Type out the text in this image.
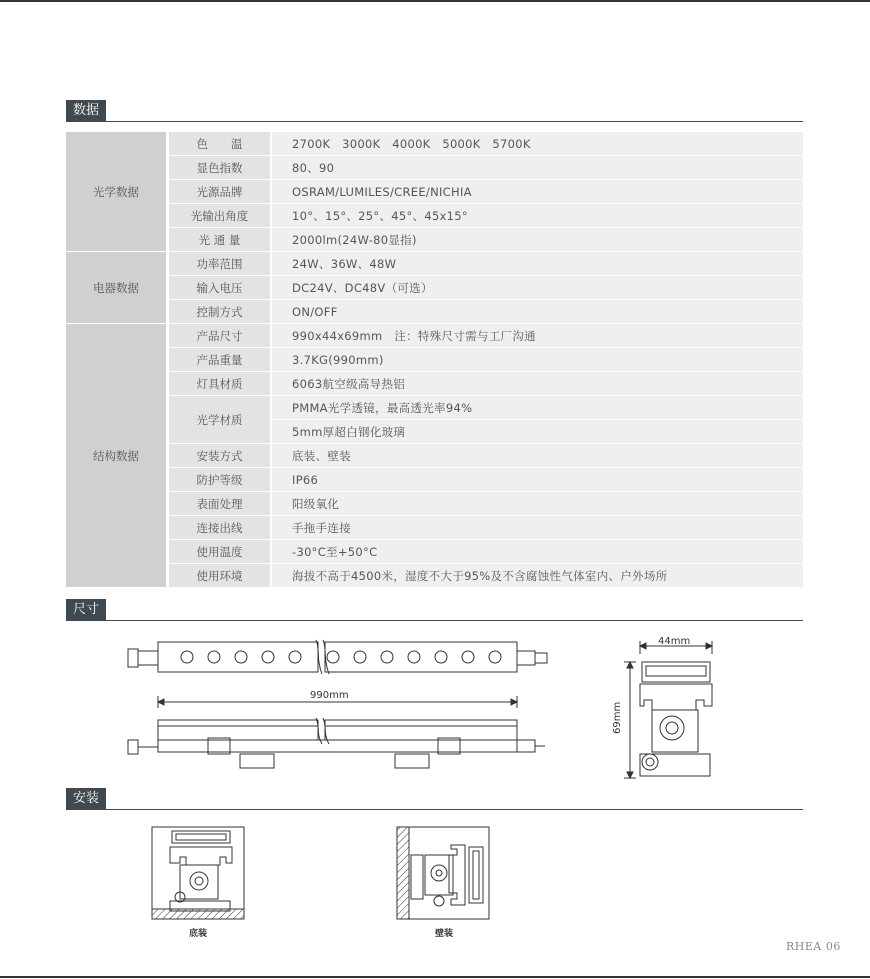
数据
光学数据	色　　温	2700K　3000K　4000K　5000K　5700K
	显色指数	80、90
	光源品牌	OSRAM/LUMILES/CREE/NICHIA
	光输出角度	10°、15°、25°、45°、45x15°
	光 通 量	2000lm(24W-80显指)
电器数据	功率范围	24W、36W、48W
	输入电压	DC24V、DC48V（可选）
	控制方式	ON/OFF
结构数据	产品尺寸	990x44x69mm　注：特殊尺寸需与工厂沟通
	产品重量	3.7KG(990mm)
	灯具材质	6063航空级高导热铝
	光学材质	PMMA光学透镜，最高透光率94%
		5mm厚超白钢化玻璃
	安装方式	底装、壁装
	防护等级	IP66
	表面处理	阳级氧化
	连接出线	手拖手连接
	使用温度	-30°C至+50°C
	使用环境	海拔不高于4500米，湿度不大于95%及不含腐蚀性气体室内、户外场所
尺寸
990mm
44mm
69mm
安装
底装	壁装
RHEA 06
